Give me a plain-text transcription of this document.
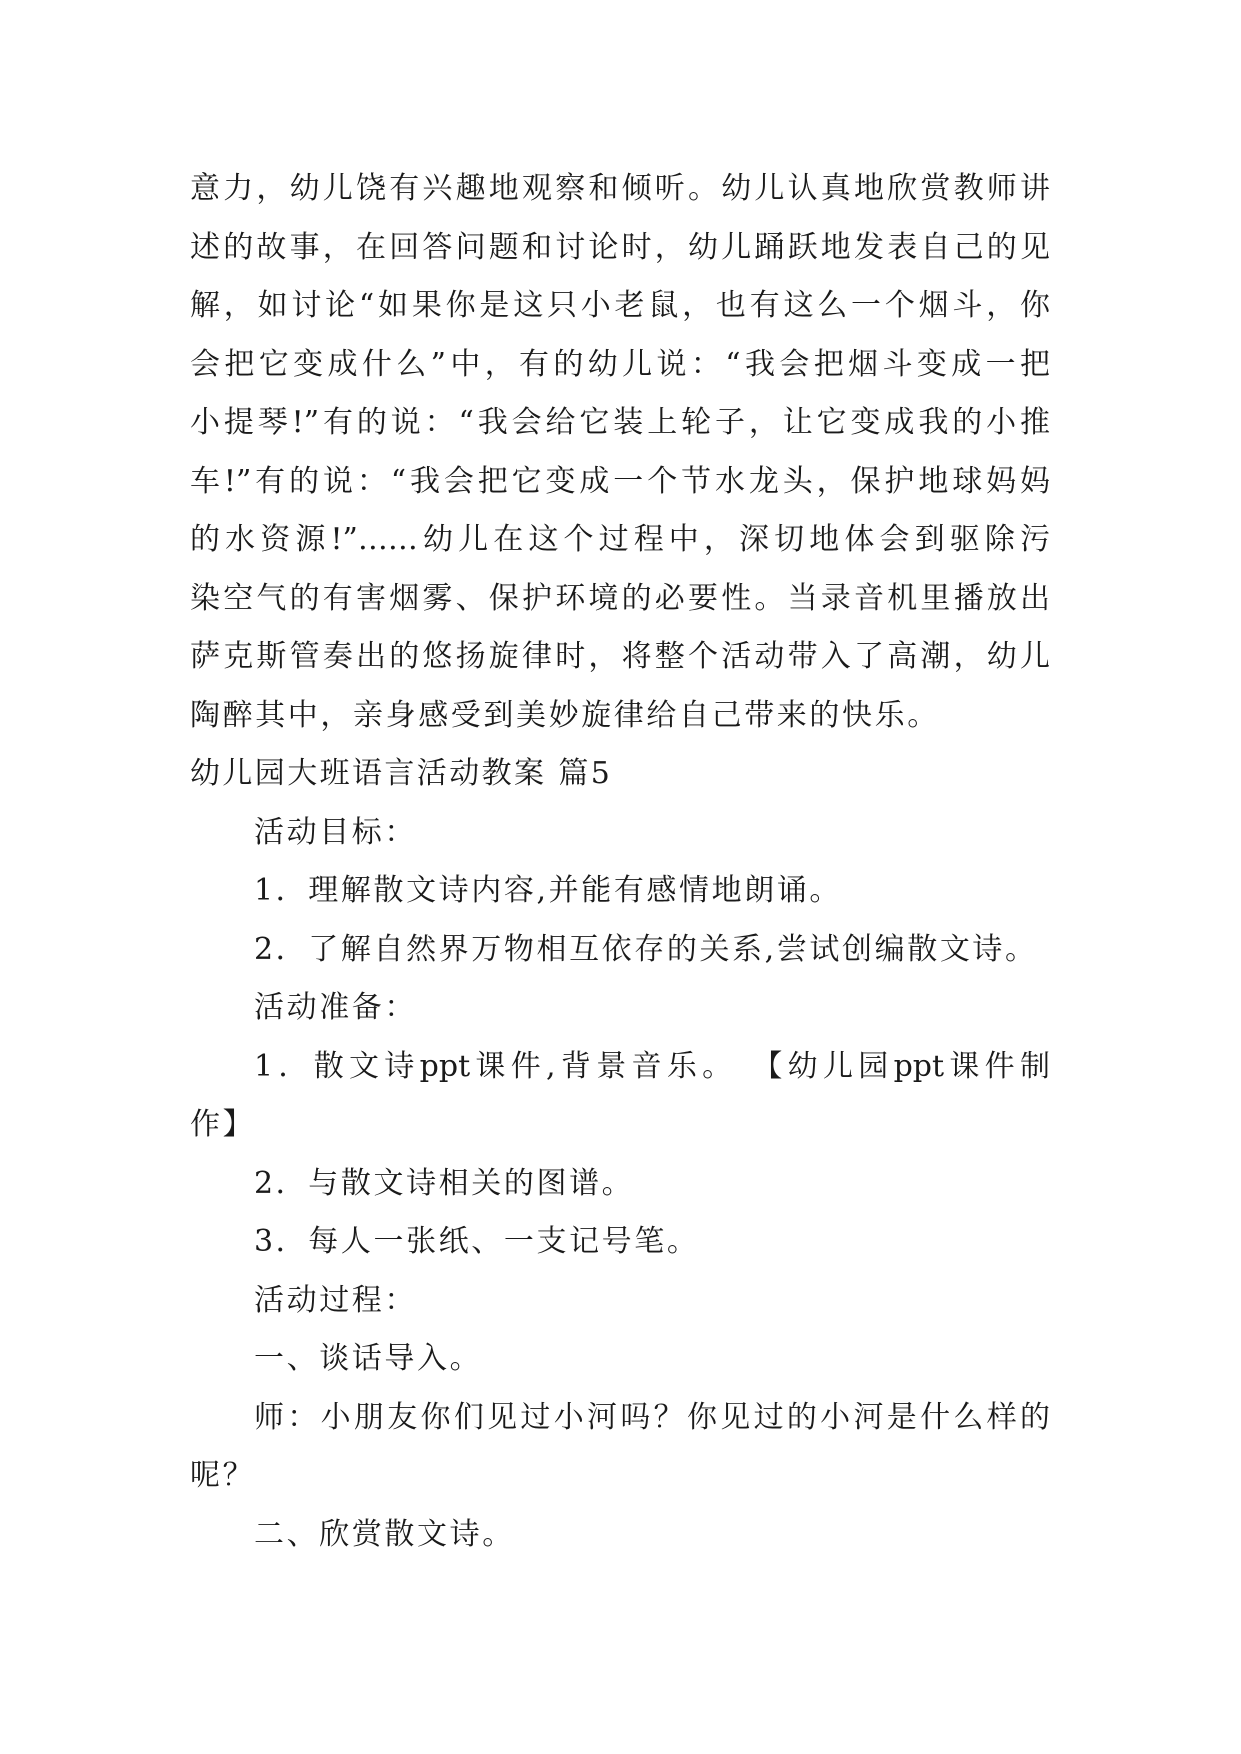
意力，幼儿饶有兴趣地观察和倾听。幼儿认真地欣赏教师讲
述的故事，在回答问题和讨论时，幼儿踊跃地发表自己的见
解，如讨论“如果你是这只小老鼠，也有这么一个烟斗，你
会把它变成什么”中，有的幼儿说：“我会把烟斗变成一把
小提琴!”有的说：“我会给它装上轮子，让它变成我的小推
车!”有的说：“我会把它变成一个节水龙头，保护地球妈妈
的水资源!”……幼儿在这个过程中，深切地体会到驱除污
染空气的有害烟雾、保护环境的必要性。当录音机里播放出
萨克斯管奏出的悠扬旋律时，将整个活动带入了高潮，幼儿
陶醉其中，亲身感受到美妙旋律给自己带来的快乐。
幼儿园大班语言活动教案 篇5
活动目标：
1．理解散文诗内容,并能有感情地朗诵。
2．了解自然界万物相互依存的关系,尝试创编散文诗。
活动准备：
1．散文诗ppt课件,背景音乐。 【幼儿园ppt课件制
作】
2．与散文诗相关的图谱。
3．每人一张纸、一支记号笔。
活动过程：
一、谈话导入。
师：小朋友你们见过小河吗？你见过的小河是什么样的
呢？
二、欣赏散文诗。
